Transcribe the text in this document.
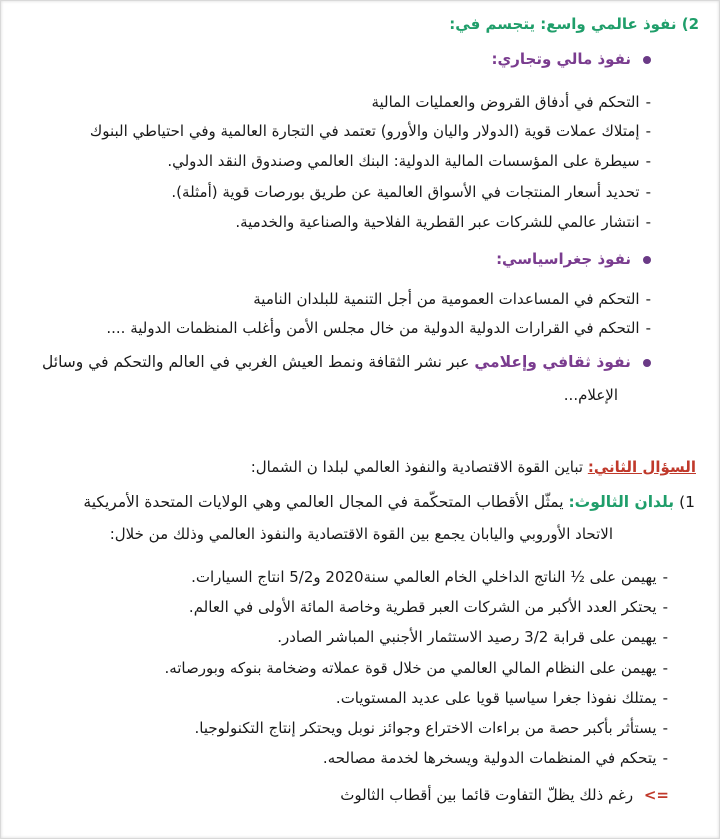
2) نفوذ عالمي واسع: يتجسم في:
نفوذ مالي وتجاري:
-التحكم في أدفاق القروض والعمليات المالية
-إمتلاك عملات قوية (الدولار واليان والأورو) تعتمد في التجارة العالمية وفي احتياطي البنوك
-سيطرة على المؤسسات المالية الدولية: البنك العالمي وصندوق النقد الدولي.
-تحديد أسعار المنتجات في الأسواق العالمية عن طريق بورصات قوية (أمثلة).
-انتشار عالمي للشركات عبر القطرية الفلاحية والصناعية والخدمية.
نفوذ جغراسياسي:
-التحكم في المساعدات العمومية من أجل التنمية للبلدان النامية
-التحكم في القرارات الدولية الدولية من خال مجلس الأمن وأغلب المنظمات الدولية ....
نفوذ ثقافي وإعلامي عبر نشر الثقافة ونمط العيش الغربي في العالم والتحكم في وسائل
الإعلام...
السؤال الثاني: تباين القوة الاقتصادية والنفوذ العالمي لبلدا ن الشمال:
1) بلدان الثالوث: يمثّل الأقطاب المتحكّمة في المجال العالمي وهي الولايات المتحدة الأمريكية
الاتحاد الأوروبي واليابان يجمع بين القوة الاقتصادية والنفوذ العالمي وذلك من خلال:
-يهيمن على ½ الناتج الداخلي الخام العالمي سنة2020 و5/2 انتاج السيارات.
-يحتكر العدد الأكبر من الشركات العبر قطرية وخاصة المائة الأولى في العالم.
-يهيمن على قرابة 3/2 رصيد الاستثمار الأجنبي المباشر الصادر.
-يهيمن على النظام المالي العالمي من خلال قوة عملاته وضخامة بنوكه وبورصاته.
-يمتلك نفوذا جغرا سياسيا قويا على عديد المستويات.
-يستأثر بأكبر حصة من براءات الاختراع وجوائز نوبل ويحتكر إنتاج التكنولوجيا.
-يتحكم في المنظمات الدولية ويسخرها لخدمة مصالحه.
<= رغم ذلك يظلّ التفاوت قائما بين أقطاب الثالوث
